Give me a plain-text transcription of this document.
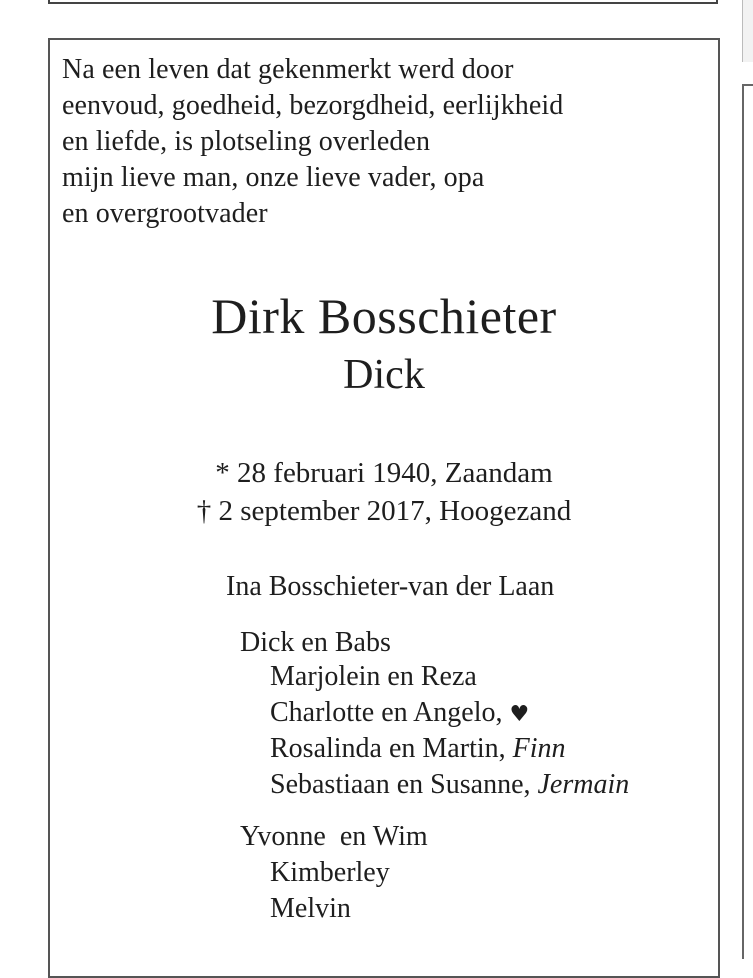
Na een leven dat gekenmerkt werd door
eenvoud, goedheid, bezorgdheid, eerlijkheid
en liefde, is plotseling overleden
mijn lieve man, onze lieve vader, opa
en overgrootvader
Dirk Bosschieter
Dick
* 28 februari 1940, Zaandam
† 2 september 2017, Hoogezand
Ina Bosschieter-van der Laan
Dick en Babs
Marjolein en Reza
Charlotte en Angelo, ♥
Rosalinda en Martin, Finn
Sebastiaan en Susanne, Jermain
Yvonne  en Wim
Kimberley
Melvin
